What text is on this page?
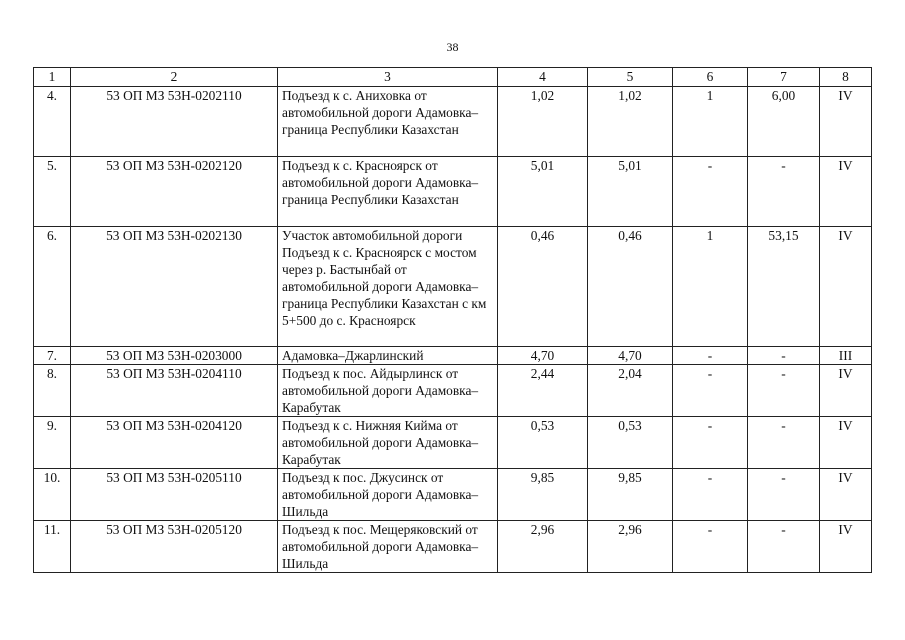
38
1	2	3	4	5	6	7	8
4.	53 ОП МЗ 53Н-0202110	Подъезд к с. Аниховка от автомобильной дороги Адамовка–граница Республики Казахстан	1,02	1,02	1	6,00	IV
5.	53 ОП МЗ 53Н-0202120	Подъезд к с. Красноярск от автомобильной дороги Адамовка–граница Республики Казахстан	5,01	5,01	-	-	IV
6.	53 ОП МЗ 53Н-0202130	Участок автомобильной дороги Подъезд к с. Красноярск с мостом через р. Бастынбай от автомобильной дороги Адамовка–граница Республики Казахстан с км 5+500 до с. Красноярск	0,46	0,46	1	53,15	IV
7.	53 ОП МЗ 53Н-0203000	Адамовка–Джарлинский	4,70	4,70	-	-	III
8.	53 ОП МЗ 53Н-0204110	Подъезд к пос. Айдырлинск от автомобильной дороги Адамовка–Карабутак	2,44	2,04	-	-	IV
9.	53 ОП МЗ 53Н-0204120	Подъезд к с. Нижняя Кийма от автомобильной дороги Адамовка–Карабутак	0,53	0,53	-	-	IV
10.	53 ОП МЗ 53Н-0205110	Подъезд к пос. Джусинск от автомобильной дороги Адамовка–Шильда	9,85	9,85	-	-	IV
11.	53 ОП МЗ 53Н-0205120	Подъезд к пос. Мещеряковский от автомобильной дороги Адамовка–Шильда	2,96	2,96	-	-	IV
